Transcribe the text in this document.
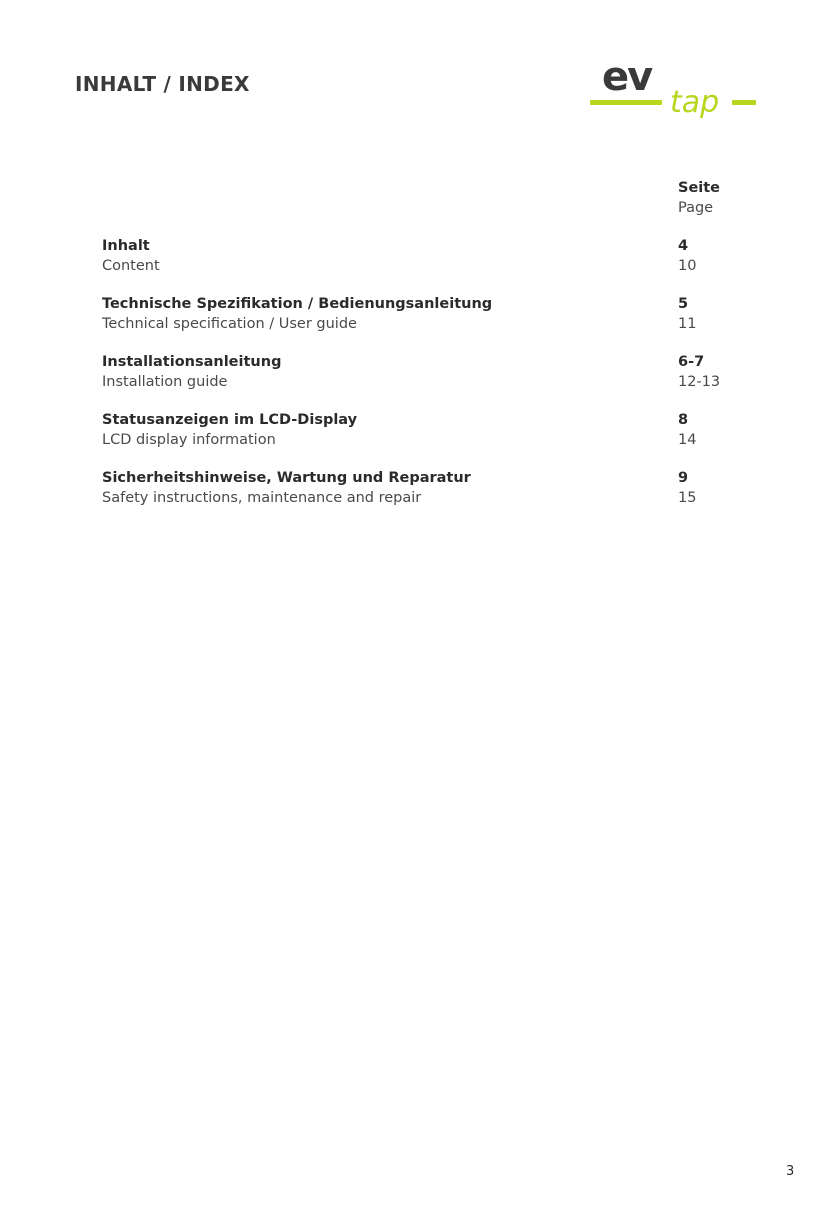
INHALT / INDEX	ev
tap
Seite
Page
Inhalt
Content
4
10
Technische Spezifikation / Bedienungsanleitung
Technical specification / User guide
5
11
Installationsanleitung
Installation guide
6-7
12-13
Statusanzeigen im LCD-Display
LCD display information
8
14
Sicherheitshinweise, Wartung und Reparatur
Safety instructions, maintenance and repair
9
15
3
